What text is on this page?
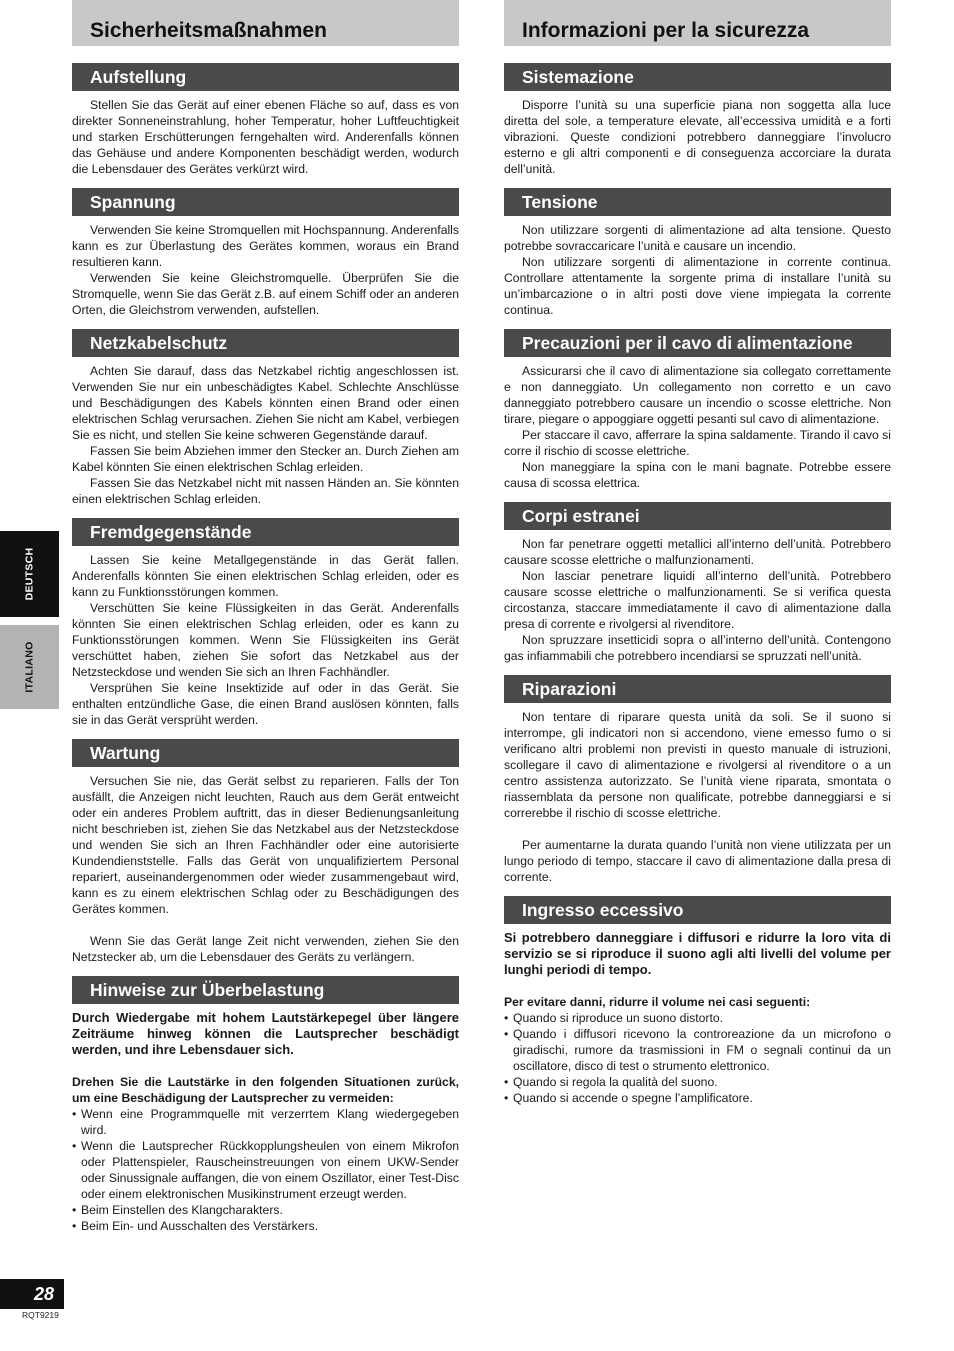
DEUTSCH
ITALIANO
Sicherheitsmaßnahmen
Aufstellung

Stellen Sie das Gerät auf einer ebenen Fläche so auf, dass es von direkter Sonneneinstrahlung, hoher Temperatur, hoher Luftfeuchtigkeit und starken Erschütterungen ferngehalten wird. Anderenfalls können das Gehäuse und andere Komponenten beschädigt werden, wodurch die Lebensdauer des Gerätes verkürzt wird.

Spannung

Verwenden Sie keine Stromquellen mit Hochspannung. Anderenfalls kann es zur Überlastung des Gerätes kommen, woraus ein Brand resultieren kann.

Verwenden Sie keine Gleichstromquelle. Überprüfen Sie die Stromquelle, wenn Sie das Gerät z.B. auf einem Schiff oder an anderen Orten, die Gleichstrom verwenden, aufstellen.

Netzkabelschutz

Achten Sie darauf, dass das Netzkabel richtig angeschlossen ist. Verwenden Sie nur ein unbeschädigtes Kabel. Schlechte Anschlüsse und Beschädigungen des Kabels könnten einen Brand oder einen elektrischen Schlag verursachen. Ziehen Sie nicht am Kabel, verbiegen Sie es nicht, und stellen Sie keine schweren Gegenstände darauf.

Fassen Sie beim Abziehen immer den Stecker an. Durch Ziehen am Kabel könnten Sie einen elektrischen Schlag erleiden.

Fassen Sie das Netzkabel nicht mit nassen Händen an. Sie könnten einen elektrischen Schlag erleiden.

Fremdgegenstände

Lassen Sie keine Metallgegenstände in das Gerät fallen. Anderenfalls könnten Sie einen elektrischen Schlag erleiden, oder es kann zu Funktionsstörungen kommen.

Verschütten Sie keine Flüssigkeiten in das Gerät. Anderenfalls könnten Sie einen elektrischen Schlag erleiden, oder es kann zu Funktionsstörungen kommen. Wenn Sie Flüssigkeiten ins Gerät verschüttet haben, ziehen Sie sofort das Netzkabel aus der Netzsteckdose und wenden Sie sich an Ihren Fachhändler.

Versprühen Sie keine Insektizide auf oder in das Gerät. Sie enthalten entzündliche Gase, die einen Brand auslösen könnten, falls sie in das Gerät versprüht werden.

Wartung

Versuchen Sie nie, das Gerät selbst zu reparieren. Falls der Ton ausfällt, die Anzeigen nicht leuchten, Rauch aus dem Gerät entweicht oder ein anderes Problem auftritt, das in dieser Bedienungsanleitung nicht beschrieben ist, ziehen Sie das Netzkabel aus der Netzsteckdose und wenden Sie sich an Ihren Fachhändler oder eine autorisierte Kundendienststelle. Falls das Gerät von unqualifiziertem Personal repariert, auseinandergenommen oder wieder zusammengebaut wird, kann es zu einem elektrischen Schlag oder zu Beschädigungen des Gerätes kommen.

Wenn Sie das Gerät lange Zeit nicht verwenden, ziehen Sie den Netzstecker ab, um die Lebensdauer des Geräts zu verlängern.

Hinweise zur Überbelastung

Durch Wiedergabe mit hohem Lautstärkepegel über längere Zeiträume hinweg können die Lautsprecher beschädigt werden, und ihre Lebensdauer sich.

Drehen Sie die Lautstärke in den folgenden Situationen zurück, um eine Beschädigung der Lautsprecher zu vermeiden:

• Wenn eine Programmquelle mit verzerrtem Klang wiedergegeben wird.
• Wenn die Lautsprecher Rückkopplungsheulen von einem Mikrofon oder Plattenspieler, Rauscheinstreuungen von einem UKW-Sender oder Sinussignale auffangen, die von einem Oszillator, einer Test-Disc oder einem elektronischen Musikinstrument erzeugt werden.
• Beim Einstellen des Klangcharakters.
• Beim Ein- und Ausschalten des Verstärkers.
Informazioni per la sicurezza
Sistemazione

Disporre l’unità su una superficie piana non soggetta alla luce diretta del sole, a temperature elevate, all’eccessiva umidità e a forti vibrazioni. Queste condizioni potrebbero danneggiare l’involucro esterno e gli altri componenti e di conseguenza accorciare la durata dell’unità.

Tensione

Non utilizzare sorgenti di alimentazione ad alta tensione. Questo potrebbe sovraccaricare l’unità e causare un incendio.

Non utilizzare sorgenti di alimentazione in corrente continua. Controllare attentamente la sorgente prima di installare l’unità su un’imbarcazione o in altri posti dove viene impiegata la corrente continua.

Precauzioni per il cavo di alimentazione

Assicurarsi che il cavo di alimentazione sia collegato correttamente e non danneggiato. Un collegamento non corretto e un cavo danneggiato potrebbero causare un incendio o scosse elettriche. Non tirare, piegare o appoggiare oggetti pesanti sul cavo di alimentazione.

Per staccare il cavo, afferrare la spina saldamente. Tirando il cavo si corre il rischio di scosse elettriche.

Non maneggiare la spina con le mani bagnate. Potrebbe essere causa di scossa elettrica.

Corpi estranei

Non far penetrare oggetti metallici all’interno dell’unità. Potrebbero causare scosse elettriche o malfunzionamenti.

Non lasciar penetrare liquidi all’interno dell’unità. Potrebbero causare scosse elettriche o malfunzionamenti. Se si verifica questa circostanza, staccare immediatamente il cavo di alimentazione dalla presa di corrente e rivolgersi al rivenditore.

Non spruzzare insetticidi sopra o all’interno dell’unità. Contengono gas infiammabili che potrebbero incendiarsi se spruzzati nell’unità.

Riparazioni

Non tentare di riparare questa unità da soli. Se il suono si interrompe, gli indicatori non si accendono, viene emesso fumo o si verificano altri problemi non previsti in questo manuale di istruzioni, scollegare il cavo di alimentazione e rivolgersi al rivenditore o a un centro assistenza autorizzato. Se l’unità viene riparata, smontata o riassemblata da persone non qualificate, potrebbe danneggiarsi e si correrebbe il rischio di scosse elettriche.

Per aumentarne la durata quando l’unità non viene utilizzata per un lungo periodo di tempo, staccare il cavo di alimentazione dalla presa di corrente.

Ingresso eccessivo

Si potrebbero danneggiare i diffusori e ridurre la loro vita di servizio se si riproduce il suono agli alti livelli del volume per lunghi periodi di tempo.

Per evitare danni, ridurre il volume nei casi seguenti:

• Quando si riproduce un suono distorto.
• Quando i diffusori ricevono la controreazione da un microfono o giradischi, rumore da trasmissioni in FM o segnali continui da un oscillatore, disco di test o strumento elettronico.
• Quando si regola la qualità del suono.
• Quando si accende o spegne l’amplificatore.
28
RQT9219
